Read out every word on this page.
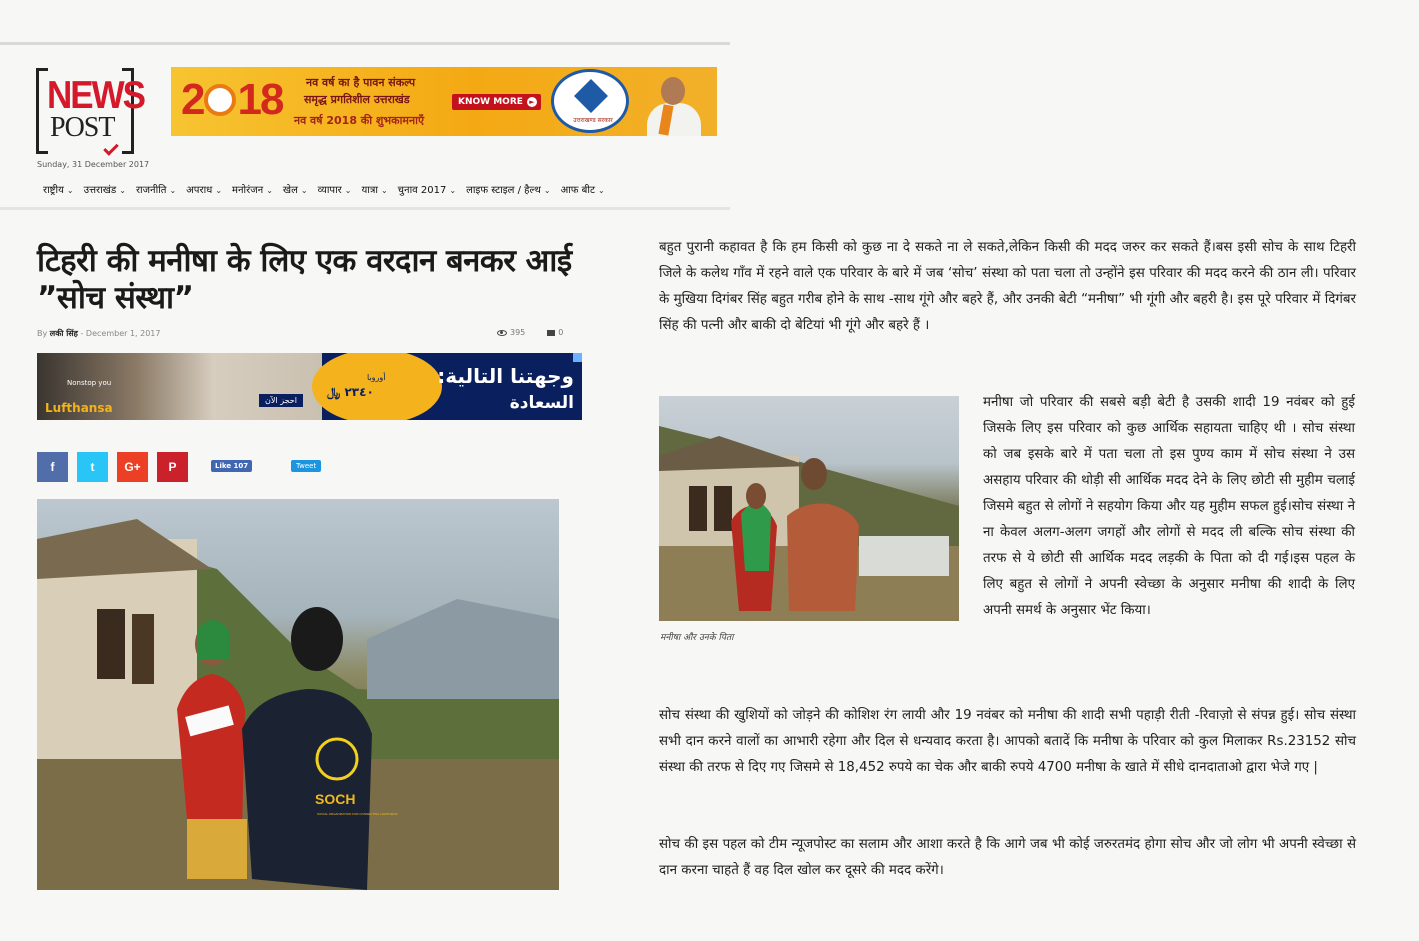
NEWS
POST
Sunday, 31 December 2017
2 18 नव वर्ष का है पावन संकल्प
समृद्ध प्रगतिशील उत्तराखंड
नव वर्ष 2018 की शुभकामनाएँ
KNOW MORE ►
उत्तराखण्ड सरकार
राष्ट्रीय ⌄ उत्तराखंड ⌄ राजनीति ⌄ अपराध ⌄ मनोरंजन ⌄ खेल ⌄ व्यापार ⌄ यात्रा ⌄ चुनाव 2017 ⌄ लाइफ स्टाइल / हैल्थ ⌄ आफ बीट ⌄
टिहरी की मनीषा के लिए एक वरदान बनकर आई ”सोच संस्था”
By लकी सिंह - December 1, 2017	395	0
Nonstop you
Lufthansa
احجز الآن
أوروبا
٢٣٤٠ ﷼
وجهتنا التالية:
السعادة
f	t G+ P	Like 107	Tweet
SOCH
SOCIAL ORGANIZATION FOR CONNECTING HAPPINESS
मनीषा और उनके पिता

बहुत पुरानी कहावत है कि हम किसी को कुछ ना दे सकते ना ले सकते,लेकिन किसी की मदद जरुर कर सकते हैं।बस इसी सोच के साथ टिहरी जिले के कलेथ गाँव में रहने वाले एक परिवार के बारे में जब ‘सोच’ संस्था को पता चला तो उन्होंने इस परिवार की मदद करने की ठान ली। परिवार के मुखिया दिगंबर सिंह बहुत गरीब होने के साथ -साथ गूंगे और बहरे हैं, और उनकी बेटी “मनीषा” भी गूंगी और बहरी है। इस पूरे परिवार में दिगंबर सिंह की पत्नी और बाकी दो बेटियां भी गूंगे और बहरे हैं ।

मनीषा जो परिवार की सबसे बड़ी बेटी है उसकी शादी 19 नवंबर को हुई जिसके लिए इस परिवार को कुछ आर्थिक सहायता चाहिए थी । सोच संस्था को जब इसके बारे में पता चला तो इस पुण्य काम में सोच संस्था ने उस असहाय परिवार की थोड़ी सी आर्थिक मदद देने के लिए छोटी सी मुहीम चलाई जिसमे बहुत से लोगों ने सहयोग किया और यह मुहीम सफल हुई।सोच संस्था ने ना केवल अलग-अलग जगहों और लोगों से मदद ली बल्कि सोच संस्था की तरफ से ये छोटी सी आर्थिक मदद लड़की के पिता को दी गई।इस पहल के लिए बहुत से लोगों ने अपनी स्वेच्छा के अनुसार मनीषा की शादी के लिए अपनी समर्थ के अनुसार भेंट किया।

सोच संस्था की खुशियों को जोड़ने की कोशिश रंग लायी और 19 नवंबर को मनीषा की शादी सभी पहाड़ी रीती -रिवाज़ो से संपन्न हुई। सोच संस्था सभी दान करने वालों का आभारी रहेगा और दिल से धन्यवाद करता है। आपको बतादें कि मनीषा के परिवार को कुल मिलाकर Rs.23152 सोच संस्था की तरफ से दिए गए जिसमे से 18,452 रुपये का चेक और बाकी रुपये 4700 मनीषा के खाते में सीधे दानदाताओ द्वारा भेजे गए |

सोच की इस पहल को टीम न्यूजपोस्ट का सलाम और आशा करते है कि आगे जब भी कोई जरुरतमंद होगा सोच और जो लोग भी अपनी स्वेच्छा से दान करना चाहते हैं वह दिल खोल कर दूसरे की मदद करेंगे।
